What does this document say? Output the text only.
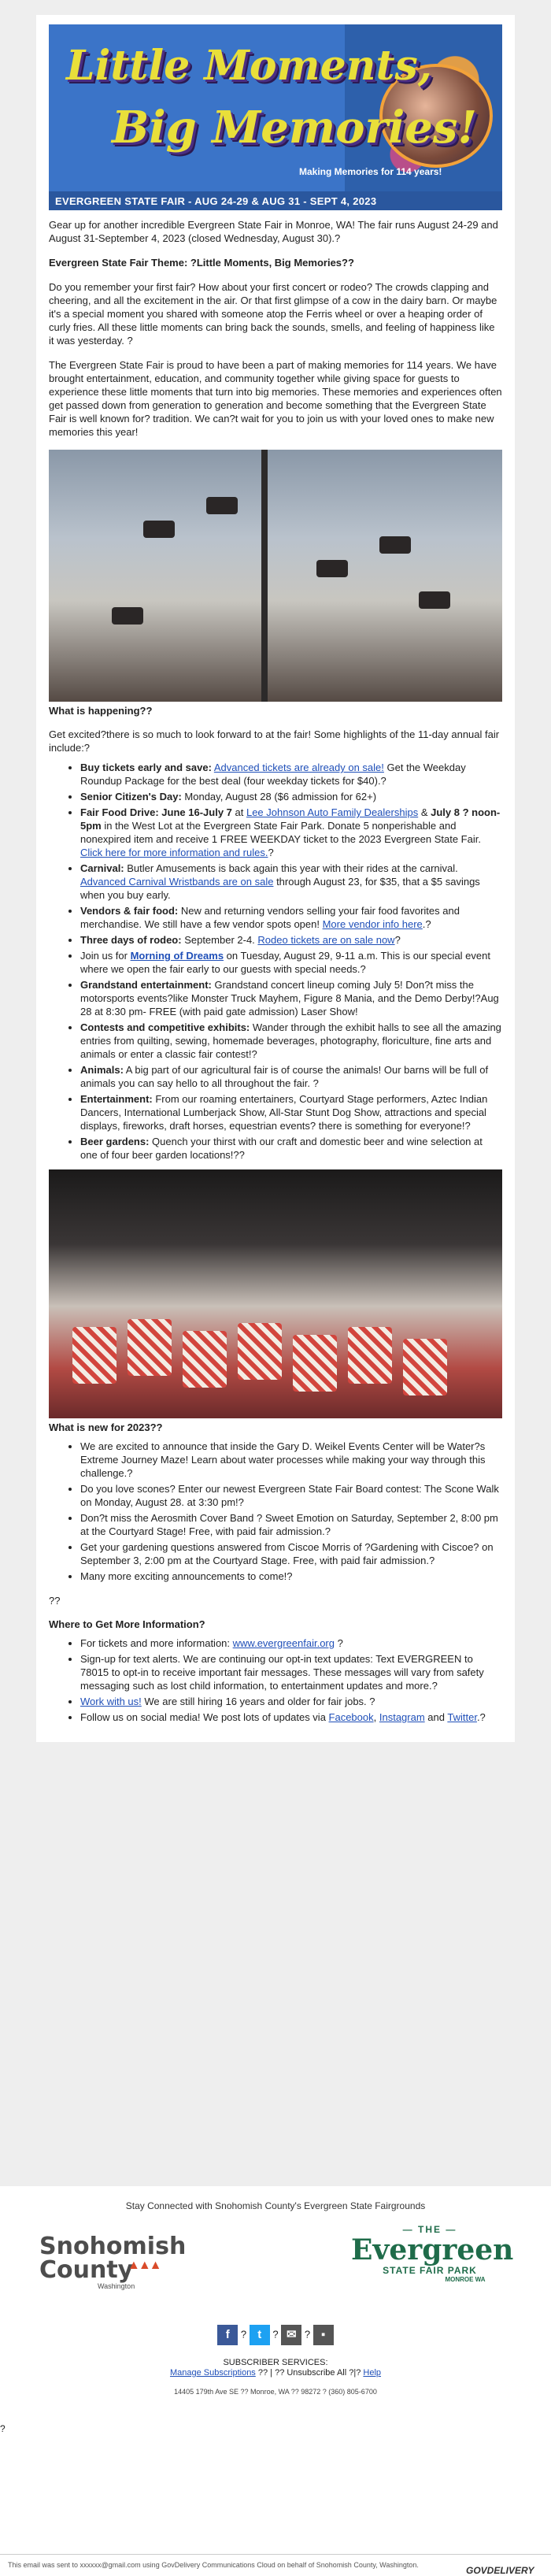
Little Moments,
Big Memories!
Making Memories for 114 years!
EVERGREEN STATE FAIR - AUG 24-29 & AUG 31 - SEPT 4, 2023

Gear up for another incredible Evergreen State Fair in Monroe, WA! The fair runs August 24-29 and August 31-September 4, 2023 (closed Wednesday, August 30).?

Evergreen State Fair Theme: ?Little Moments, Big Memories??

Do you remember your first fair? How about your first concert or rodeo? The crowds clapping and cheering, and all the excitement in the air. Or that first glimpse of a cow in the dairy barn. Or maybe it's a special moment you shared with someone atop the Ferris wheel or over a heaping order of curly fries. All these little moments can bring back the sounds, smells, and feeling of happiness like it was yesterday. ?

The Evergreen State Fair is proud to have been a part of making memories for 114 years. We have brought entertainment, education, and community together while giving space for guests to experience these little moments that turn into big memories. These memories and experiences often get passed down from generation to generation and become something that the Evergreen State Fair is well known for? tradition. We can?t wait for you to join us with your loved ones to make new memories this year!

What is happening??

Get excited?there is so much to look forward to at the fair! Some highlights of the 11-day annual fair include:?

• Buy tickets early and save: Advanced tickets are already on sale! Get the Weekday Roundup Package for the best deal (four weekday tickets for $40).?
• Senior Citizen's Day: Monday, August 28 ($6 admission for 62+)
• Fair Food Drive: June 16-July 7 at Lee Johnson Auto Family Dealerships & July 8 ? noon-5pm in the West Lot at the Evergreen State Fair Park. Donate 5 nonperishable and nonexpired item and receive 1 FREE WEEKDAY ticket to the 2023 Evergreen State Fair. Click here for more information and rules.?
• Carnival: Butler Amusements is back again this year with their rides at the carnival. Advanced Carnival Wristbands are on sale through August 23, for $35, that a $5 savings when you buy early.
• Vendors & fair food: New and returning vendors selling your fair food favorites and merchandise. We still have a few vendor spots open! More vendor info here.?
• Three days of rodeo: September 2-4. Rodeo tickets are on sale now?
• Join us for Morning of Dreams on Tuesday, August 29, 9-11 a.m. This is our special event where we open the fair early to our guests with special needs.?
• Grandstand entertainment: Grandstand concert lineup coming July 5! Don?t miss the motorsports events?like Monster Truck Mayhem, Figure 8 Mania, and the Demo Derby!?Aug 28 at 8:30 pm- FREE (with paid gate admission) Laser Show!
• Contests and competitive exhibits: Wander through the exhibit halls to see all the amazing entries from quilting, sewing, homemade beverages, photography, floriculture, fine arts and animals or enter a classic fair contest!?
• Animals: A big part of our agricultural fair is of course the animals! Our barns will be full of animals you can say hello to all throughout the fair. ?
• Entertainment: From our roaming entertainers, Courtyard Stage performers, Aztec Indian Dancers, International Lumberjack Show, All-Star Stunt Dog Show, attractions and special displays, fireworks, draft horses, equestrian events? there is something for everyone!?
• Beer gardens: Quench your thirst with our craft and domestic beer and wine selection at one of four beer garden locations!??
What is new for 2023??
• We are excited to announce that inside the Gary D. Weikel Events Center will be Water?s Extreme Journey Maze! Learn about water processes while making your way through this challenge.?
• Do you love scones? Enter our newest Evergreen State Fair Board contest: The Scone Walk on Monday, August 28. at 3:30 pm!?
• Don?t miss the Aerosmith Cover Band ? Sweet Emotion on Saturday, September 2, 8:00 pm at the Courtyard Stage! Free, with paid fair admission.?
• Get your gardening questions answered from Ciscoe Morris of ?Gardening with Ciscoe? on September 3, 2:00 pm at the Courtyard Stage. Free, with paid fair admission.?
• Many more exciting announcements to come!?

??

Where to Get More Information?
• For tickets and more information: www.evergreenfair.org ?
• Sign-up for text alerts. We are continuing our opt-in text updates: Text EVERGREEN to 78015 to opt-in to receive important fair messages. These messages will vary from safety messaging such as lost child information, to entertainment updates and more.?
• Work with us! We are still hiring 16 years and older for fair jobs. ?
• Follow us on social media! We post lots of updates via Facebook, Instagram and Twitter.?
Stay Connected with Snohomish County's Evergreen State Fairgrounds
Snohomish
County
▲▲▲
Washington
— THE —
Evergreen
STATE FAIR PARK
MONROE WA
f ? t ? ✉ ? ▪
SUBSCRIBER SERVICES:
Manage Subscriptions ?? | ?? Unsubscribe All ?|? Help
14405 179th Ave SE ?? Monroe, WA ?? 98272 ? (360) 805-6700
?
This email was sent to xxxxxx@gmail.com using GovDelivery Communications Cloud on behalf of Snohomish County, Washington.	GOVDELIVERY
